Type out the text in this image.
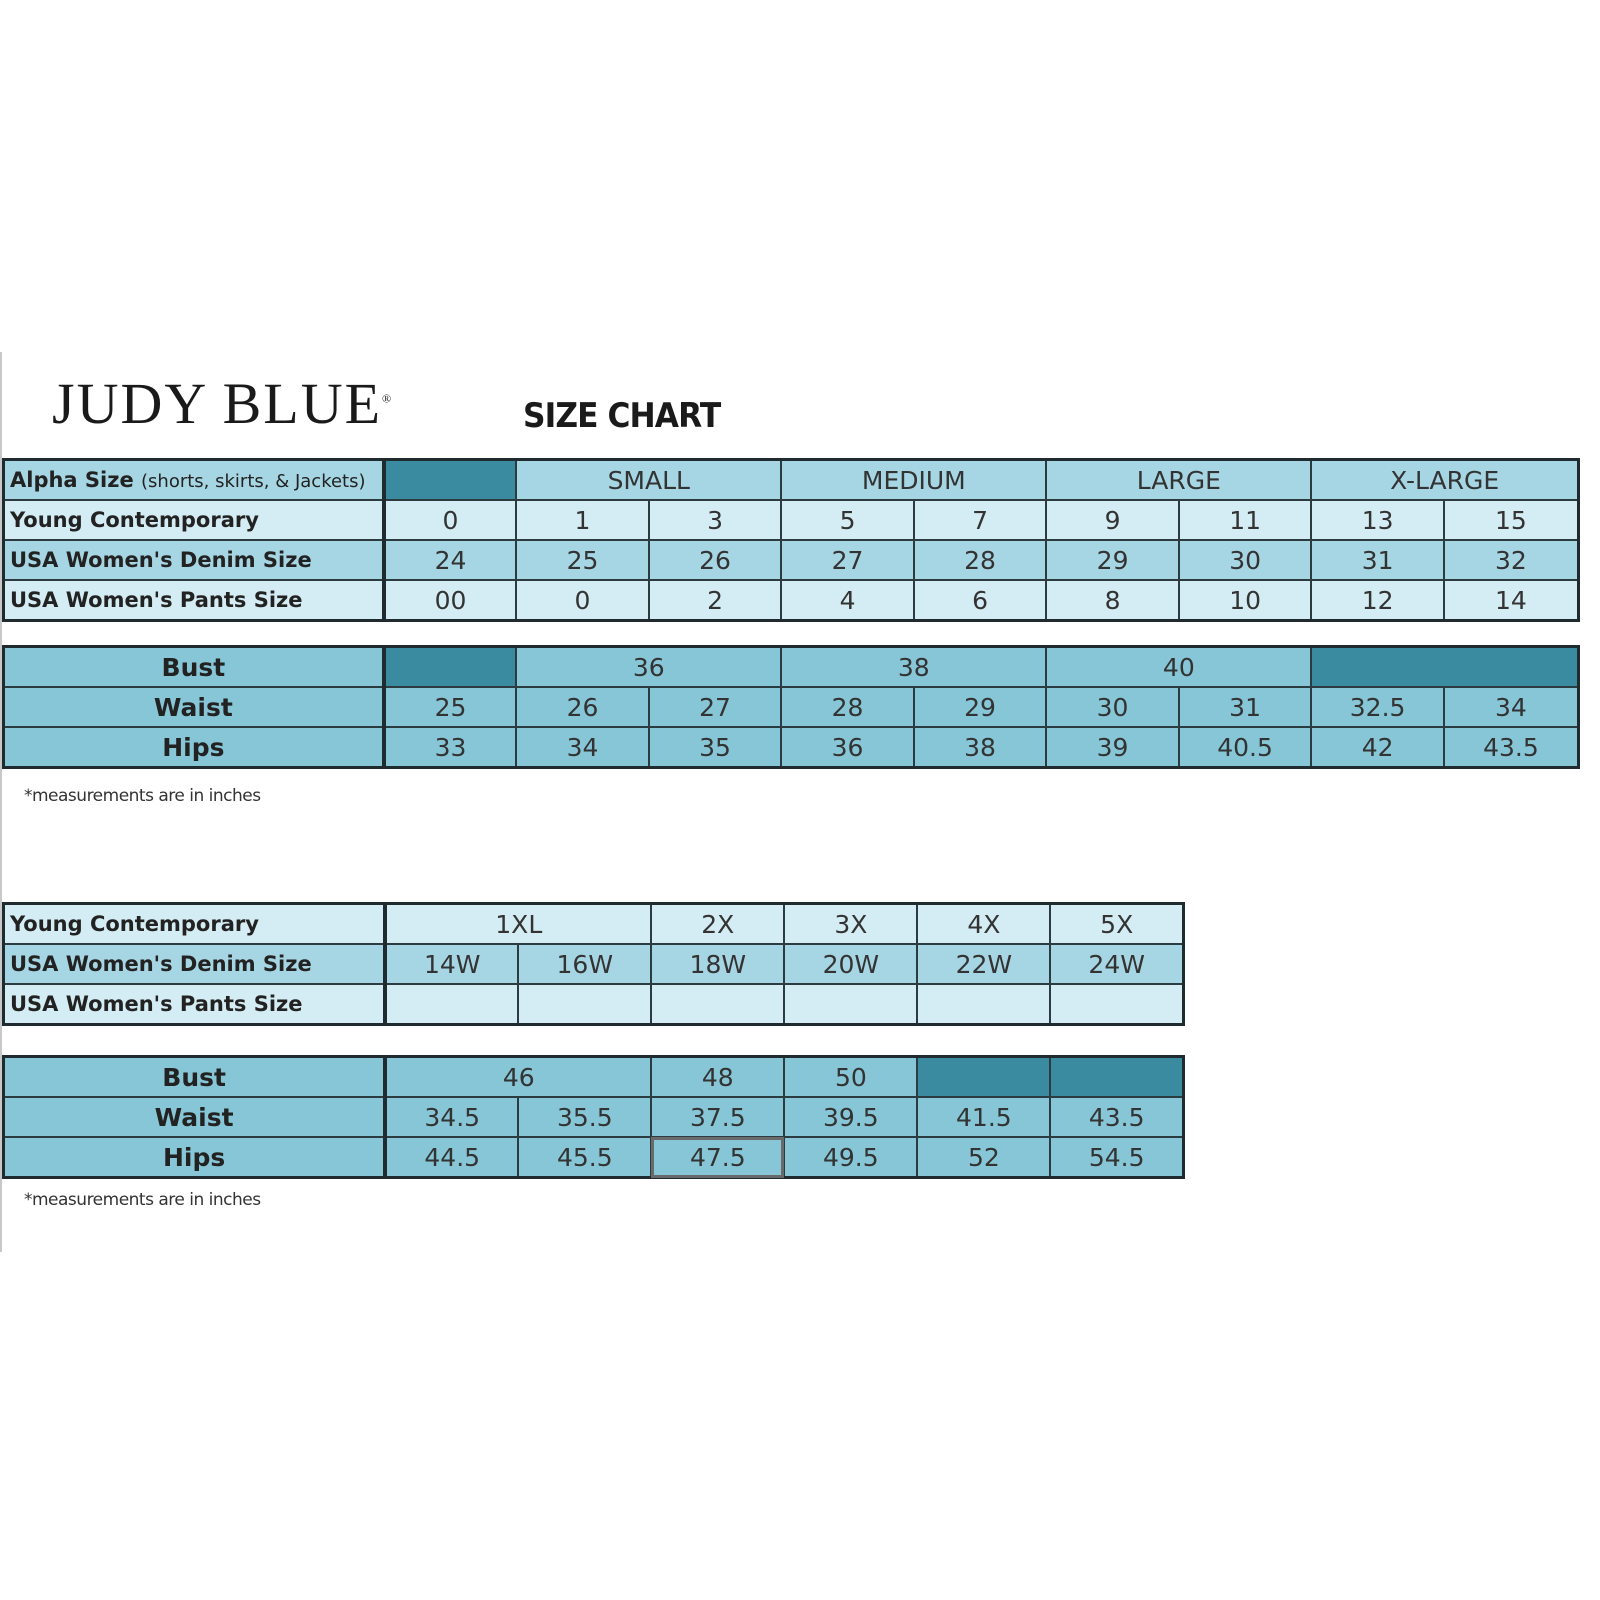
JUDY BLUE®	SIZE CHART
Alpha Size (shorts, skirts, & Jackets)		SMALL		MEDIUM		LARGE		X-LARGE	
Young Contemporary	0	1	3	5	7	9	11	13	15
USA Women's Denim Size	24	25	26	27	28	29	30	31	32
USA Women's Pants Size	00	0	2	4	6	8	10	12	14
Bust		36		38		40			
Waist	25	26	27	28	29	30	31	32.5	34
Hips	33	34	35	36	38	39	40.5	42	43.5
*measurements are in inches
Young Contemporary	1XL		2X	3X	4X	5X
USA Women's Denim Size	14W	16W	18W	20W	22W	24W
USA Women's Pants Size						
Bust	46		48	50		
Waist	34.5	35.5	37.5	39.5	41.5	43.5
Hips	44.5	45.5	47.5	49.5	52	54.5
*measurements are in inches
